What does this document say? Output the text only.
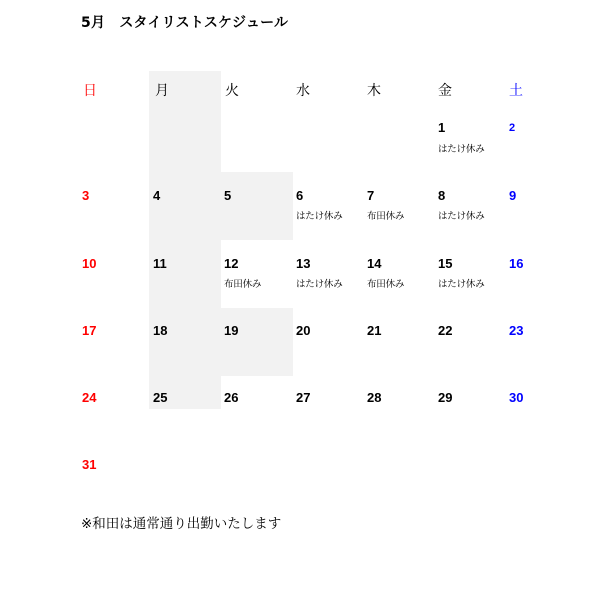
5月　スタイリストスケジュール
日	月	火	水	木	金	土
1
はたけ休み
2
3	4	5	6
はたけ休み
7
布田休み
8
はたけ休み
9
10	11	12
布田休み
13
はたけ休み
14
布田休み
15
はたけ休み
16
17	18	19	20	21	22	23
24	25	26	27	28	29	30
31
※和田は通常通り出勤いたします
